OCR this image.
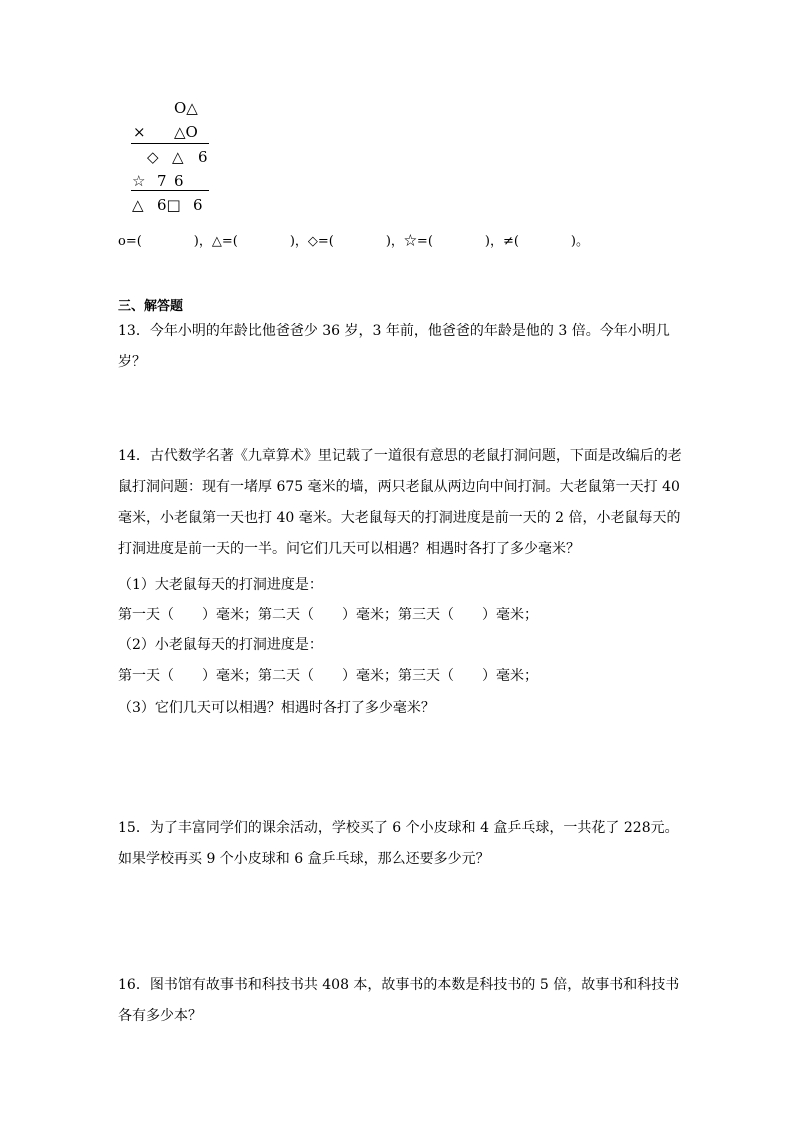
O△
× △O
◇ △ 6
☆ 7 6
△ 6□ 6
o=(　　　　)，△=(　　　　)，◇=(　　　　)，☆=(　　　　)，≠(　　　　)。
三、解答题
13．今年小明的年龄比他爸爸少 36 岁，3 年前，他爸爸的年龄是他的 3 倍。今年小明几岁？
14．古代数学名著《九章算术》里记载了一道很有意思的老鼠打洞问题，下面是改编后的老鼠打洞问题：现有一堵厚 675 毫米的墙，两只老鼠从两边向中间打洞。大老鼠第一天打 40 毫米，小老鼠第一天也打 40 毫米。大老鼠每天的打洞进度是前一天的 2 倍，小老鼠每天的打洞进度是前一天的一半。问它们几天可以相遇？相遇时各打了多少毫米？
（1）大老鼠每天的打洞进度是：
第一天（　　）毫米；第二天（　　）毫米；第三天（　　）毫米；
（2）小老鼠每天的打洞进度是：
第一天（　　）毫米；第二天（　　）毫米；第三天（　　）毫米；
（3）它们几天可以相遇？相遇时各打了多少毫米？
15．为了丰富同学们的课余活动，学校买了 6 个小皮球和 4 盒乒乓球，一共花了 228元。如果学校再买 9 个小皮球和 6 盒乒乓球，那么还要多少元？
16．图书馆有故事书和科技书共 408 本，故事书的本数是科技书的 5 倍，故事书和科技书各有多少本？
